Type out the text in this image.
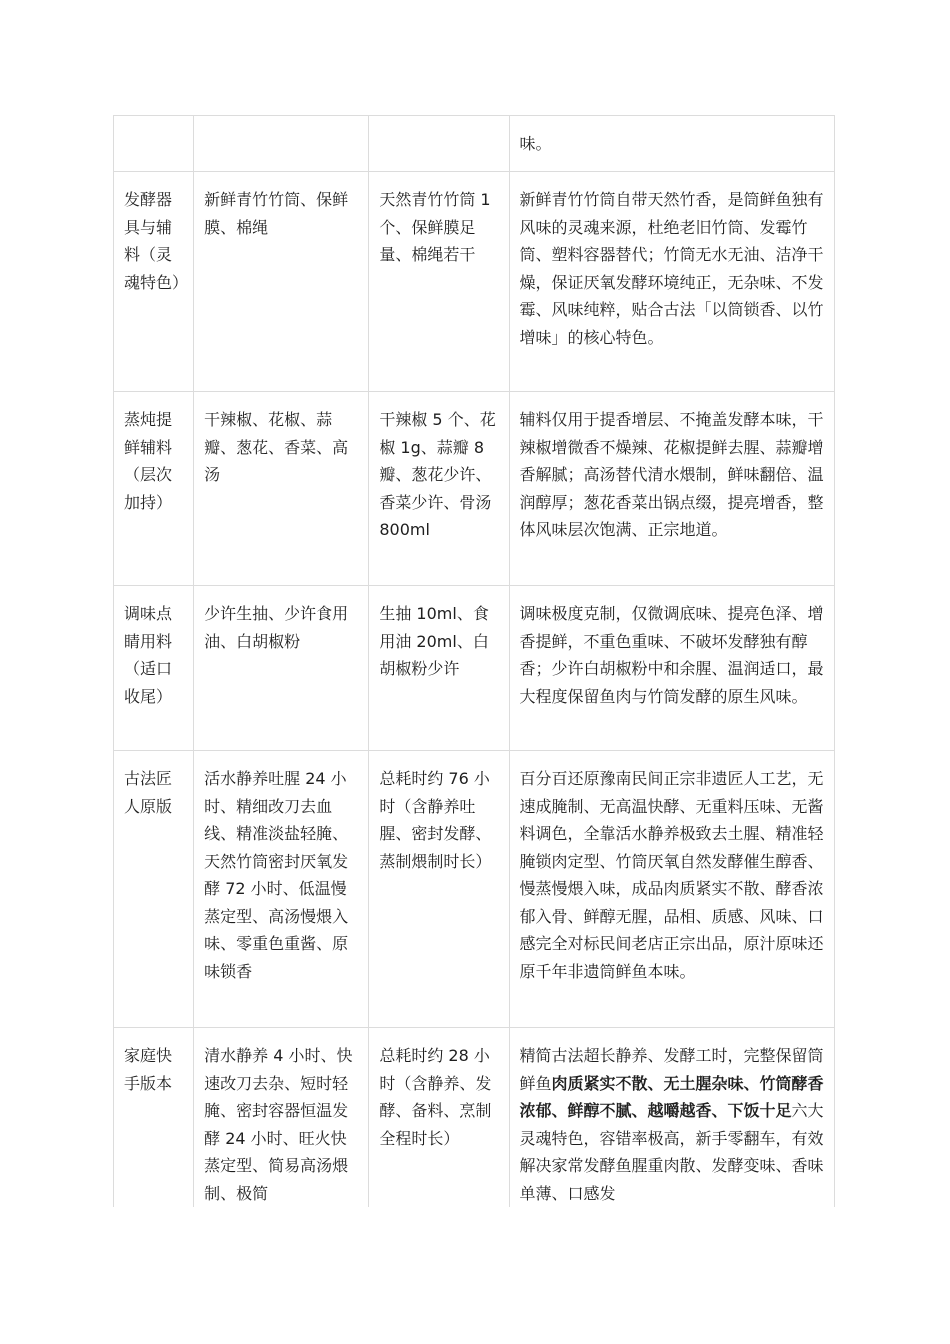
			味。
发酵器具与辅料（灵魂特色）	新鲜青竹竹筒、保鲜膜、棉绳	天然青竹竹筒 1 个、保鲜膜足量、棉绳若干	新鲜青竹竹筒自带天然竹香，是筒鲜鱼独有风味的灵魂来源，杜绝老旧竹筒、发霉竹筒、塑料容器替代；竹筒无水无油、洁净干燥，保证厌氧发酵环境纯正，无杂味、不发霉、风味纯粹，贴合古法「以筒锁香、以竹增味」的核心特色。
蒸炖提鲜辅料（层次加持）	干辣椒、花椒、蒜瓣、葱花、香菜、高汤	干辣椒 5 个、花椒 1g、蒜瓣 8 瓣、葱花少许、香菜少许、骨汤 800ml	辅料仅用于提香增层、不掩盖发酵本味，干辣椒增微香不燥辣、花椒提鲜去腥、蒜瓣增香解腻；高汤替代清水煨制，鲜味翻倍、温润醇厚；葱花香菜出锅点缀，提亮增香，整体风味层次饱满、正宗地道。
调味点睛用料（适口收尾）	少许生抽、少许食用油、白胡椒粉	生抽 10ml、食用油 20ml、白胡椒粉少许	调味极度克制，仅微调底味、提亮色泽、增香提鲜，不重色重味、不破坏发酵独有醇香；少许白胡椒粉中和余腥、温润适口，最大程度保留鱼肉与竹筒发酵的原生风味。
古法匠人原版	活水静养吐腥 24 小时、精细改刀去血线、精准淡盐轻腌、天然竹筒密封厌氧发酵 72 小时、低温慢蒸定型、高汤慢煨入味、零重色重酱、原味锁香	总耗时约 76 小时（含静养吐腥、密封发酵、蒸制煨制时长）	百分百还原豫南民间正宗非遗匠人工艺，无速成腌制、无高温快酵、无重料压味、无酱料调色，全靠活水静养极致去土腥、精准轻腌锁肉定型、竹筒厌氧自然发酵催生醇香、慢蒸慢煨入味，成品肉质紧实不散、酵香浓郁入骨、鲜醇无腥，品相、质感、风味、口感完全对标民间老店正宗出品，原汁原味还原千年非遗筒鲜鱼本味。
家庭快手版本	清水静养 4 小时、快速改刀去杂、短时轻腌、密封容器恒温发酵 24 小时、旺火快蒸定型、简易高汤煨制、极简	总耗时约 28 小时（含静养、发酵、备料、烹制全程时长）	精简古法超长静养、发酵工时，完整保留筒鲜鱼肉质紧实不散、无土腥杂味、竹筒酵香浓郁、鲜醇不腻、越嚼越香、下饭十足六大灵魂特色，容错率极高，新手零翻车，有效解决家常发酵鱼腥重肉散、发酵变味、香味单薄、口感发
